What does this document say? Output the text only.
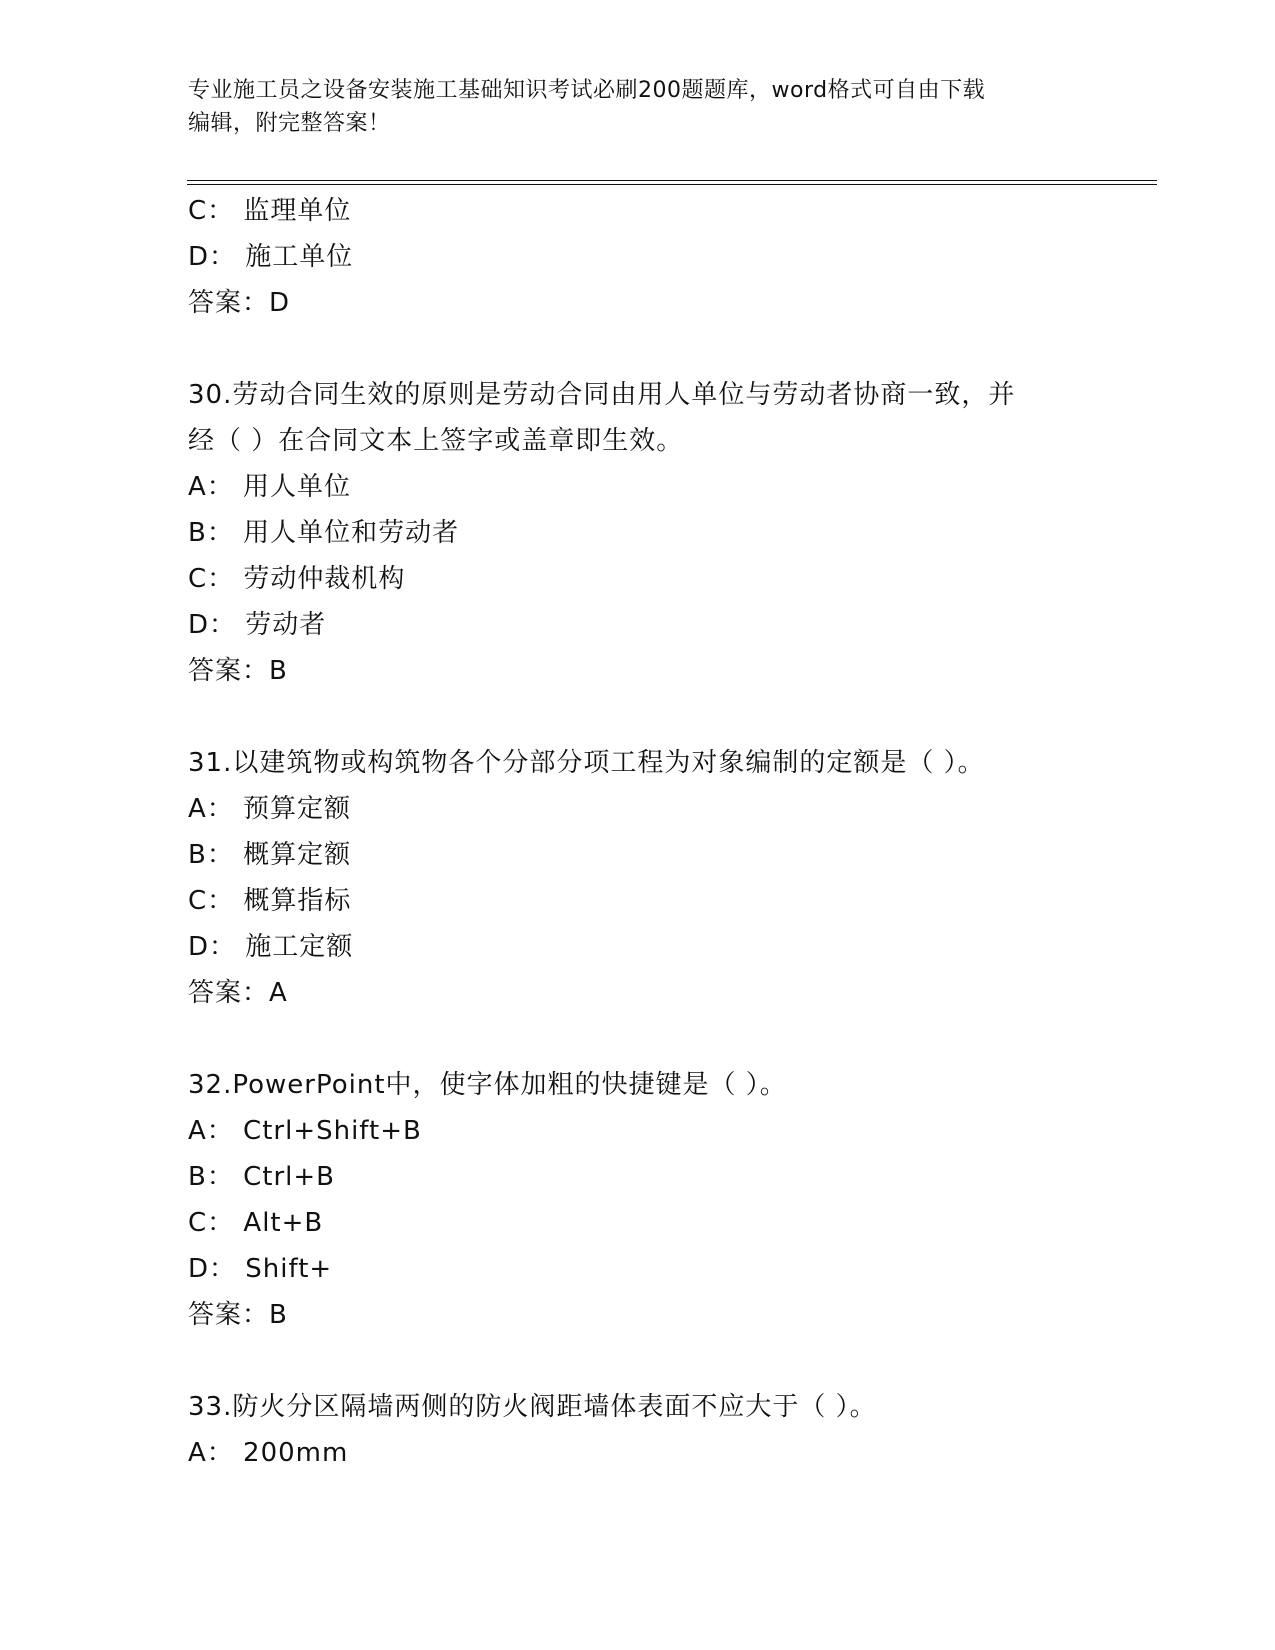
专业施工员之设备安装施工基础知识考试必刷200题题库，word格式可自由下载
编辑，附完整答案！
C： 监理单位
D： 施工单位
答案：D
30.劳动合同生效的原则是劳动合同由用人单位与劳动者协商一致，并
经（ ）在合同文本上签字或盖章即生效。
A： 用人单位
B： 用人单位和劳动者
C： 劳动仲裁机构
D： 劳动者
答案：B
31.以建筑物或构筑物各个分部分项工程为对象编制的定额是（ ）。
A： 预算定额
B： 概算定额
C： 概算指标
D： 施工定额
答案：A
32.PowerPoint中，使字体加粗的快捷键是（ ）。
A： Ctrl+Shift+B
B： Ctrl+B
C： Alt+B
D： Shift+
答案：B
33.防火分区隔墙两侧的防火阀距墙体表面不应大于（ ）。
A： 200mm
